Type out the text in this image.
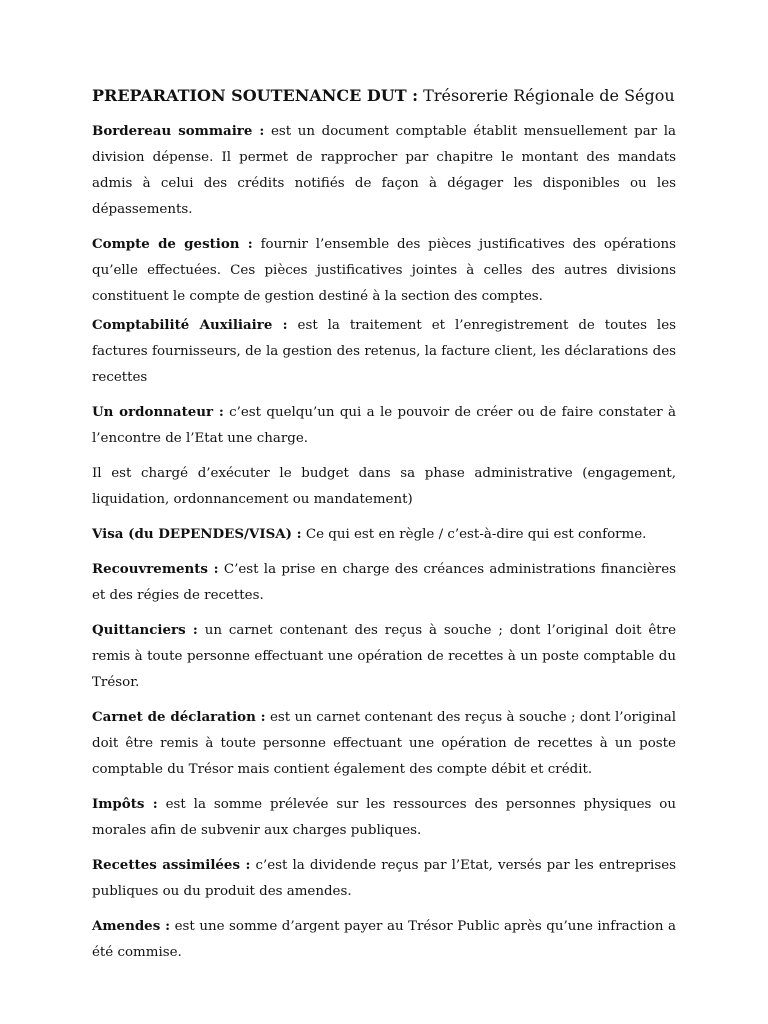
PREPARATION SOUTENANCE DUT : Trésorerie Régionale de Ségou

Bordereau sommaire : est un document comptable établit mensuellement par la division dépense. Il permet de rapprocher par chapitre le montant des mandats admis à celui des crédits notifiés de façon à dégager les disponibles ou les dépassements.

Compte de gestion : fournir l’ensemble des pièces justificatives des opérations qu’elle effectuées. Ces pièces justificatives jointes à celles des autres divisions constituent le compte de gestion destiné à la section des comptes.

Comptabilité Auxiliaire : est la traitement et l’enregistrement de toutes les factures fournisseurs, de la gestion des retenus, la facture client, les déclarations des recettes

Un ordonnateur : c’est quelqu’un qui a le pouvoir de créer ou de faire constater à l’encontre de l’Etat une charge.

Il est chargé d’exécuter le budget dans sa phase administrative (engagement, liquidation, ordonnancement ou mandatement)

Visa (du DEPENDES/VISA) : Ce qui est en règle / c’est-à-dire qui est conforme.

Recouvrements : C’est la prise en charge des créances administrations financières et des régies de recettes.

Quittanciers : un carnet contenant des reçus à souche ; dont l’original doit être remis à toute personne effectuant une opération de recettes à un poste comptable du Trésor.

Carnet de déclaration : est un carnet contenant des reçus à souche ; dont l’original doit être remis à toute personne effectuant une opération de recettes à un poste comptable du Trésor mais contient également des compte débit et crédit.

Impôts : est la somme prélevée sur les ressources des personnes physiques ou morales afin de subvenir aux charges publiques.

Recettes assimilées : c’est la dividende reçus par l’Etat, versés par les entreprises publiques ou du produit des amendes.

Amendes : est une somme d’argent payer au Trésor Public après qu’une infraction a été commise.
